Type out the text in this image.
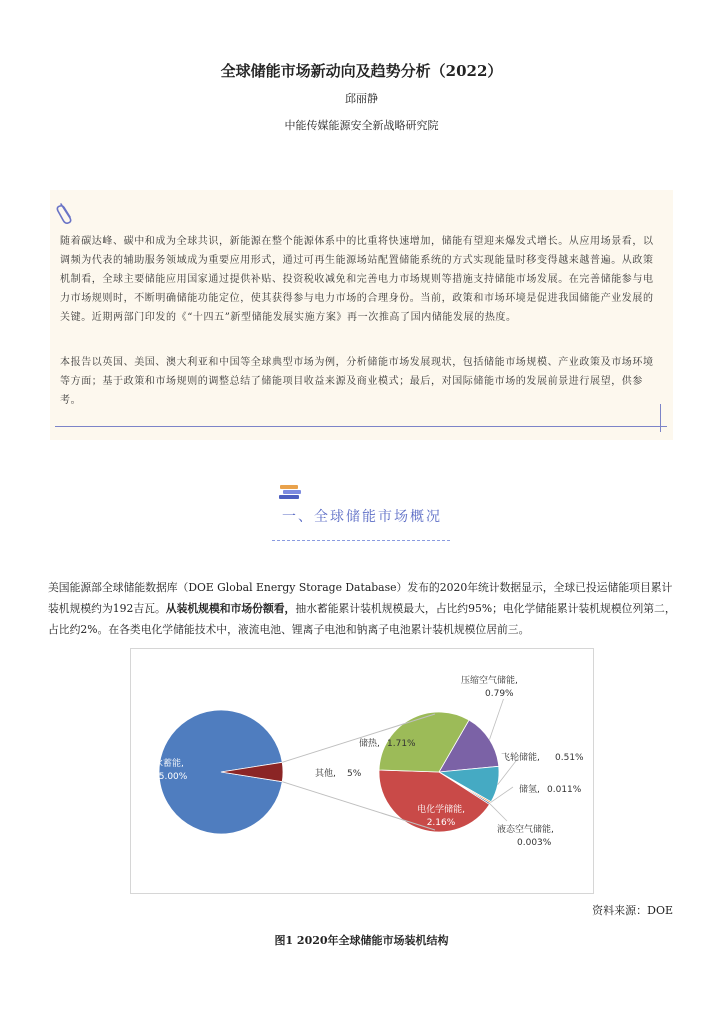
全球储能市场新动向及趋势分析（2022）
邱丽静
中能传媒能源安全新战略研究院
随着碳达峰、碳中和成为全球共识，新能源在整个能源体系中的比重将快速增加，储能有望迎来爆发式增长。从应用场景看，以调频为代表的辅助服务领域成为重要应用形式，通过可再生能源场站配置储能系统的方式实现能量时移变得越来越普遍。从政策机制看，全球主要储能应用国家通过提供补贴、投资税收减免和完善电力市场规则等措施支持储能市场发展。在完善储能参与电力市场规则时，不断明确储能功能定位，使其获得参与电力市场的合理身份。当前，政策和市场环境是促进我国储能产业发展的关键。近期两部门印发的《“十四五”新型储能发展实施方案》再一次推高了国内储能发展的热度。
本报告以英国、美国、澳大利亚和中国等全球典型市场为例，分析储能市场发展现状，包括储能市场规模、产业政策及市场环境等方面；基于政策和市场规则的调整总结了储能项目收益来源及商业模式；最后，对国际储能市场的发展前景进行展望，供参考。
一、全球储能市场概况
美国能源部全球储能数据库（DOE Global Energy Storage Database）发布的2020年统计数据显示，全球已投运储能项目累计装机规模约为192吉瓦。从装机规模和市场份额看，抽水蓄能累计装机规模最大，占比约95%；电化学储能累计装机规模位列第二，占比约2%。在各类电化学储能技术中，液流电池、锂离子电池和钠离子电池累计装机规模位居前三。
抽水蓄能,
95.00%	其他, 5%
压缩空气储能,
0.79%
飞轮储能, 0.51%
储氢, 0.011%
液态空气储能,
0.003%
电化学储能,
2.16%
储热, 1.71%
资料来源：DOE
图1 2020年全球储能市场装机结构
